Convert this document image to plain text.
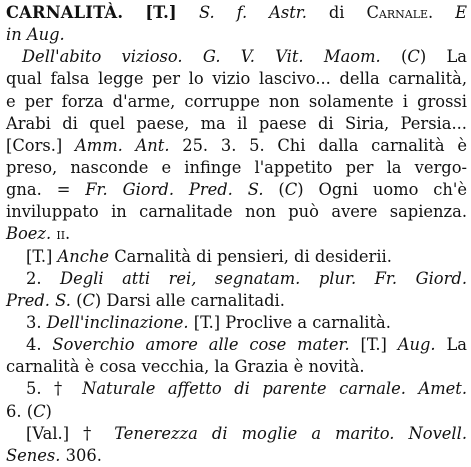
CARNALITÀ. [T.] S. f. Astr. di Carnale. E
in Aug.
Dell'abito vizioso. G. V. Vit. Maom. (C) La
qual falsa legge per lo vizio lascivo... della carnalità,
e per forza d'arme, corruppe non solamente i grossi
Arabi di quel paese, ma il paese di Siria, Persia...
[Cors.] Amm. Ant. 25. 3. 5. Chi dalla carnalità è
preso, nasconde e infinge l'appetito per la vergo-
gna. = Fr. Giord. Pred. S. (C) Ogni uomo ch'è
inviluppato in carnalitade non può avere sapienza.
Boez. ii.
[T.] Anche Carnalità di pensieri, di desiderii.
2. Degli atti rei, segnatam. plur. Fr. Giord.
Pred. S. (C) Darsi alle carnalitadi.
3. Dell'inclinazione. [T.] Proclive a carnalità.
4. Soverchio amore alle cose mater. [T.] Aug. La
carnalità è cosa vecchia, la Grazia è novità.
5. † Naturale affetto di parente carnale. Amet.
6. (C)
[Val.] † Tenerezza di moglie a marito. Novell.
Senes. 306.
